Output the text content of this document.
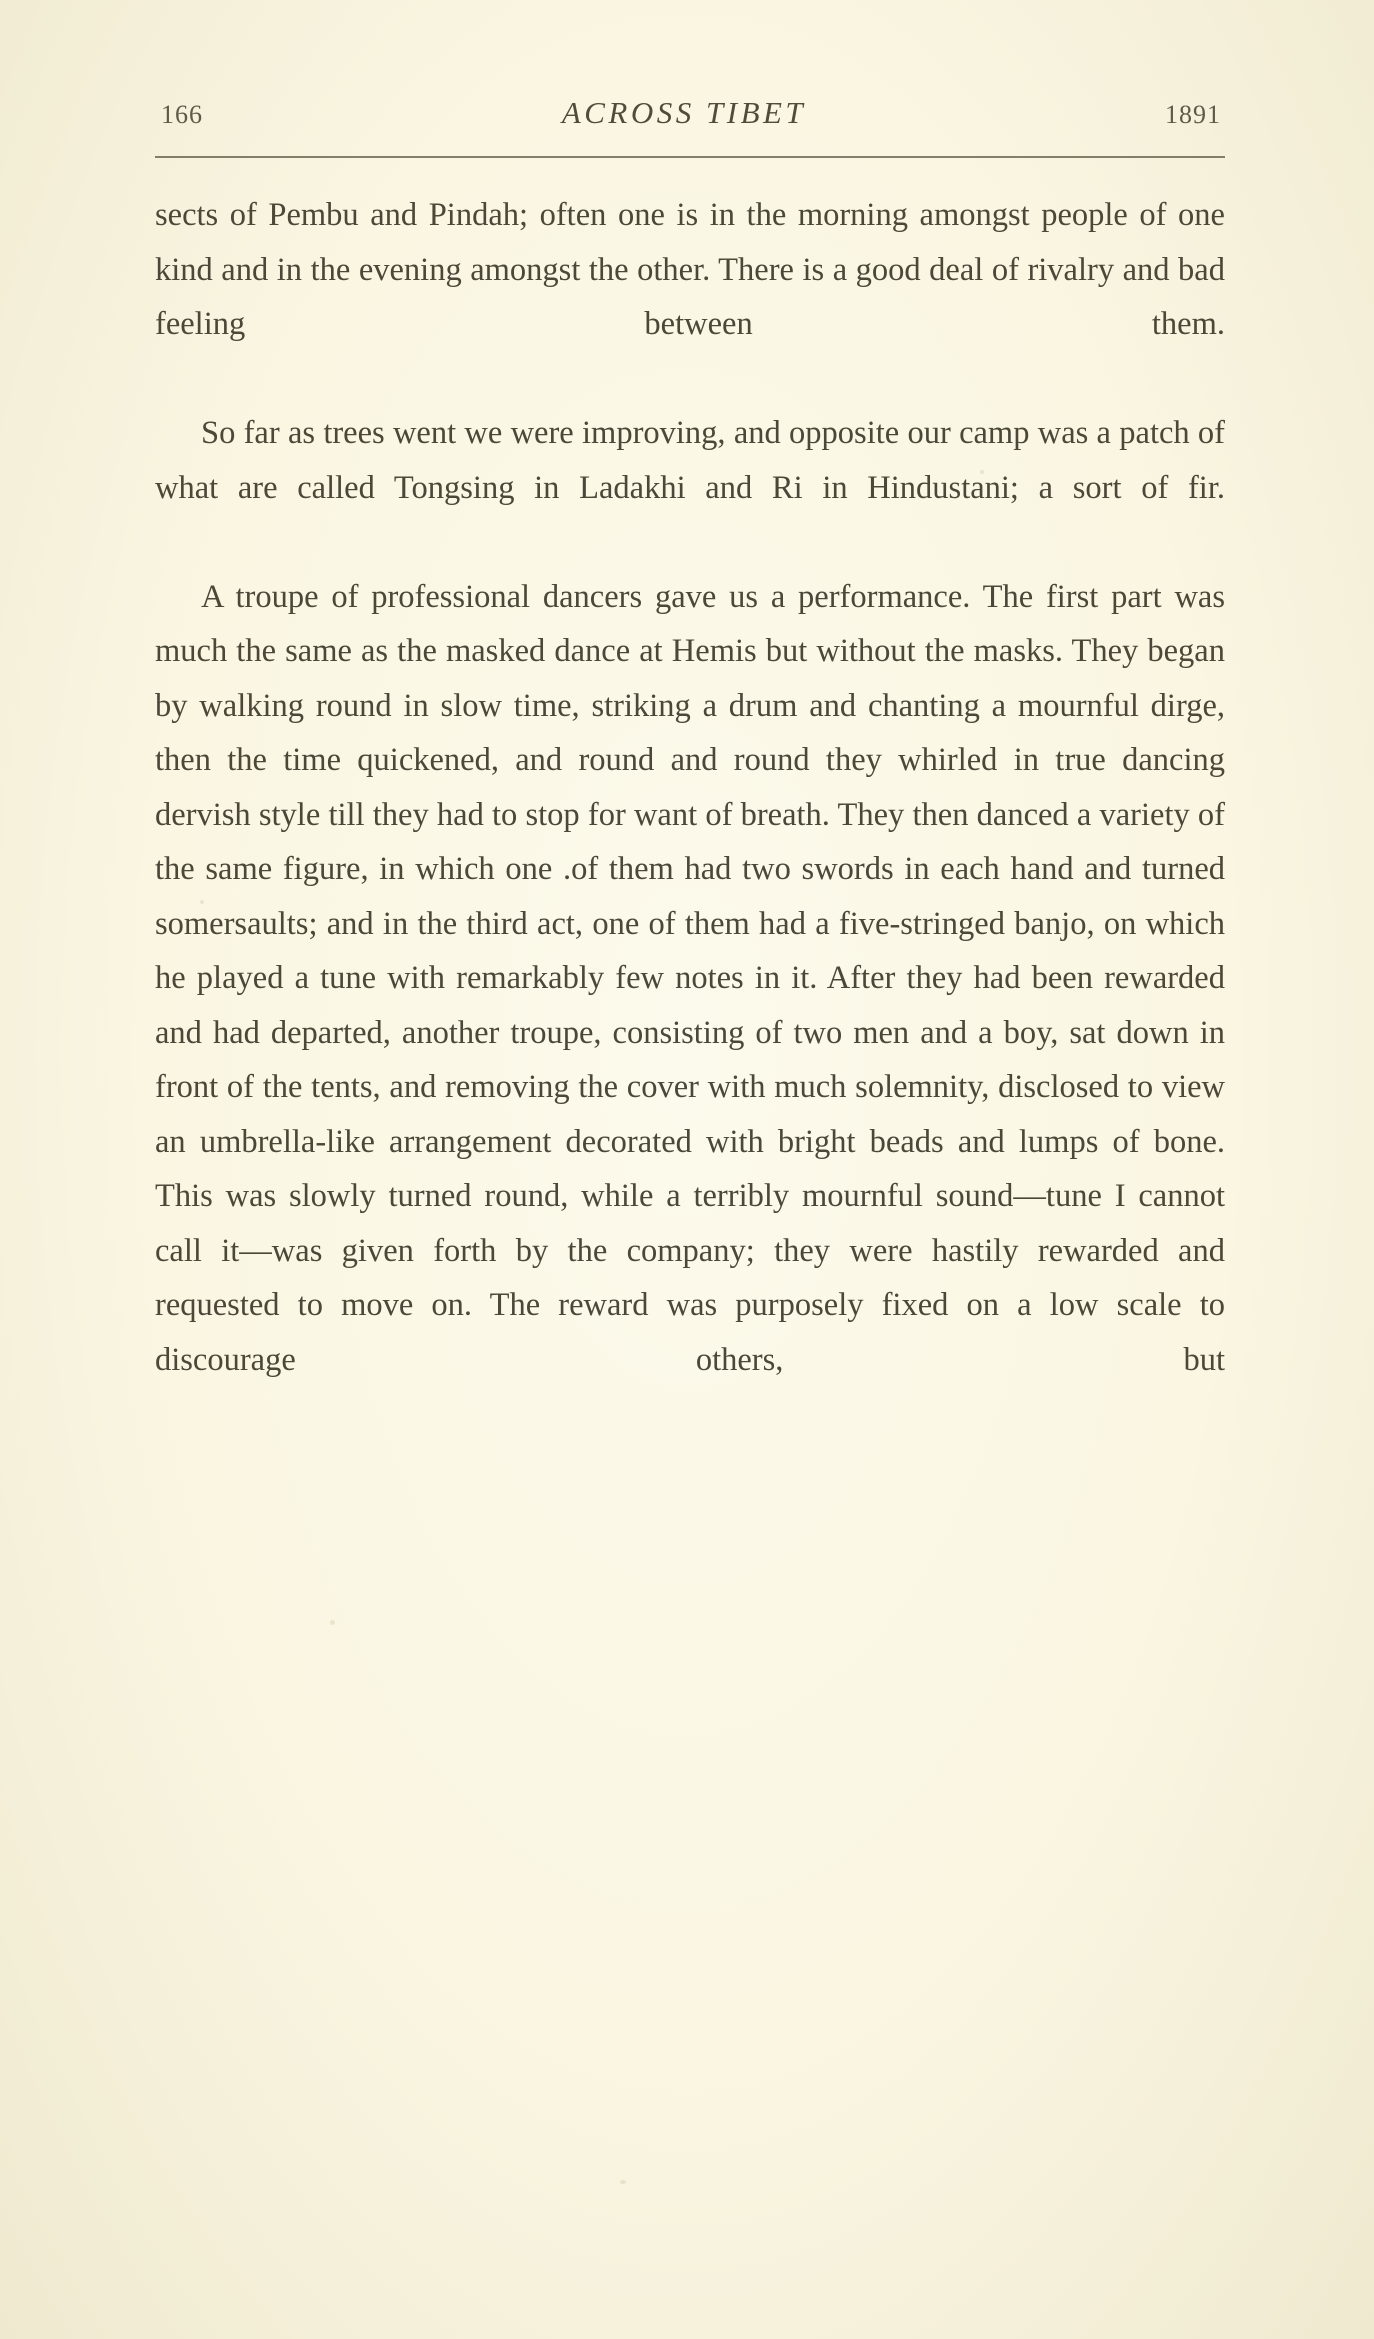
166	ACROSS TIBET	1891

sects of Pembu and Pindah; often one is in the morning amongst people of one kind and in the evening amongst the other. There is a good deal of rivalry and bad feeling between them.

So far as trees went we were improving, and opposite our camp was a patch of what are called Tongsing in Ladakhi and Ri in Hindustani; a sort of fir.

A troupe of professional dancers gave us a performance. The first part was much the same as the masked dance at Hemis but without the masks. They began by walking round in slow time, striking a drum and chanting a mournful dirge, then the time quickened, and round and round they whirled in true dancing dervish style till they had to stop for want of breath. They then danced a variety of the same figure, in which one .of them had two swords in each hand and turned somersaults; and in the third act, one of them had a five-stringed banjo, on which he played a tune with remarkably few notes in it. After they had been rewarded and had departed, another troupe, consisting of two men and a boy, sat down in front of the tents, and removing the cover with much solemnity, disclosed to view an umbrella-like arrangement decorated with bright beads and lumps of bone. This was slowly turned round, while a terribly mournful sound—tune I cannot call it—was given forth by the company; they were hastily rewarded and requested to move on. The reward was purposely fixed on a low scale to discourage others, but
